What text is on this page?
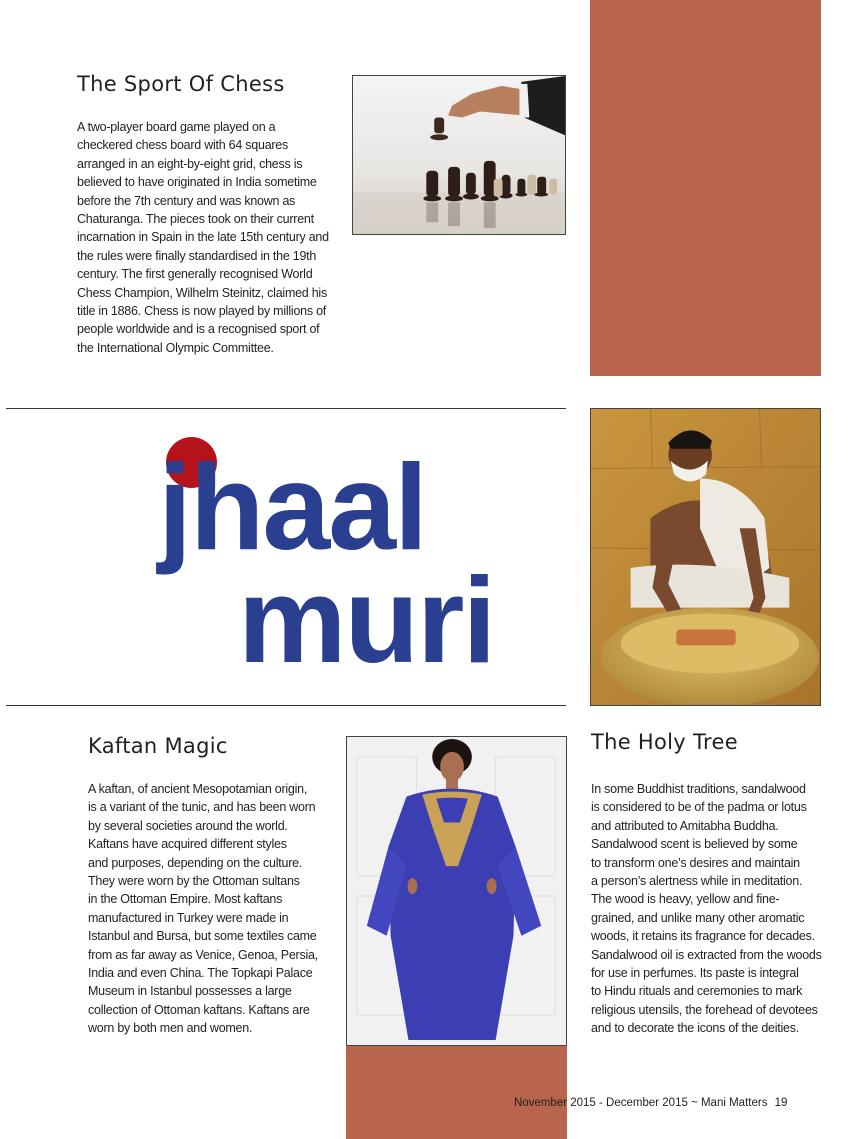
The Sport Of Chess
A two-player board game played on a
checkered chess board with 64 squares
arranged in an eight-by-eight grid, chess is
believed to have originated in India sometime
before the 7th century and was known as
Chaturanga. The pieces took on their current
incarnation in Spain in the late 15th century and
the rules were finally standardised in the 19th
century. The first generally recognised World
Chess Champion, Wilhelm Steinitz, claimed his
title in 1886. Chess is now played by millions of
people worldwide and is a recognised sport of
the International Olympic Committee.
jhaal
muri
Kaftan Magic
A kaftan, of ancient Mesopotamian origin,
is a variant of the tunic, and has been worn
by several societies around the world.
Kaftans have acquired different styles
and purposes, depending on the culture.
They were worn by the Ottoman sultans
in the Ottoman Empire. Most kaftans
manufactured in Turkey were made in
Istanbul and Bursa, but some textiles came
from as far away as Venice, Genoa, Persia,
India and even China. The Topkapi Palace
Museum in Istanbul possesses a large
collection of Ottoman kaftans. Kaftans are
worn by both men and women.
The Holy Tree
In some Buddhist traditions, sandalwood
is considered to be of the padma or lotus
and attributed to Amitabha Buddha.
Sandalwood scent is believed by some
to transform one’s desires and maintain
a person’s alertness while in meditation.
The wood is heavy, yellow and fine-
grained, and unlike many other aromatic
woods, it retains its fragrance for decades.
Sandalwood oil is extracted from the woods
for use in perfumes. Its paste is integral
to Hindu rituals and ceremonies to mark
religious utensils, the forehead of devotees
and to decorate the icons of the deities.
November 2015 - December 2015 ~ Mani Matters 19
